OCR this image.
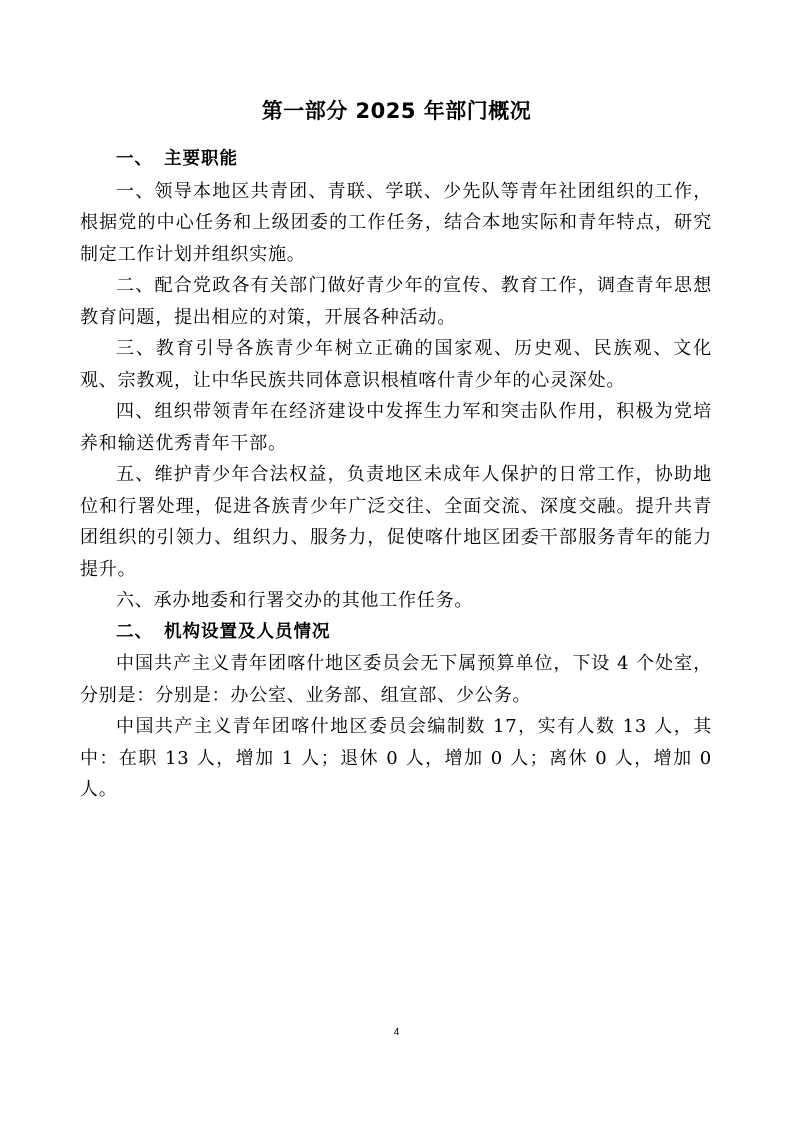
第一部分 2025 年部门概况

一、 主要职能

一、领导本地区共青团、青联、学联、少先队等青年社团组织的工作，根据党的中心任务和上级团委的工作任务，结合本地实际和青年特点，研究制定工作计划并组织实施。

二、配合党政各有关部门做好青少年的宣传、教育工作，调查青年思想教育问题，提出相应的对策，开展各种活动。

三、教育引导各族青少年树立正确的国家观、历史观、民族观、文化观、宗教观，让中华民族共同体意识根植喀什青少年的心灵深处。

四、组织带领青年在经济建设中发挥生力军和突击队作用，积极为党培养和输送优秀青年干部。

五、维护青少年合法权益，负责地区未成年人保护的日常工作，协助地位和行署处理，促进各族青少年广泛交往、全面交流、深度交融。提升共青团组织的引领力、组织力、服务力，促使喀什地区团委干部服务青年的能力提升。

六、承办地委和行署交办的其他工作任务。

二、 机构设置及人员情况

中国共产主义青年团喀什地区委员会无下属预算单位，下设 4 个处室，分别是：分别是：办公室、业务部、组宣部、少公务。

中国共产主义青年团喀什地区委员会编制数 17，实有人数 13 人，其中：在职 13 人，增加 1 人；退休 0 人，增加 0 人；离休 0 人，增加 0 人。

4
